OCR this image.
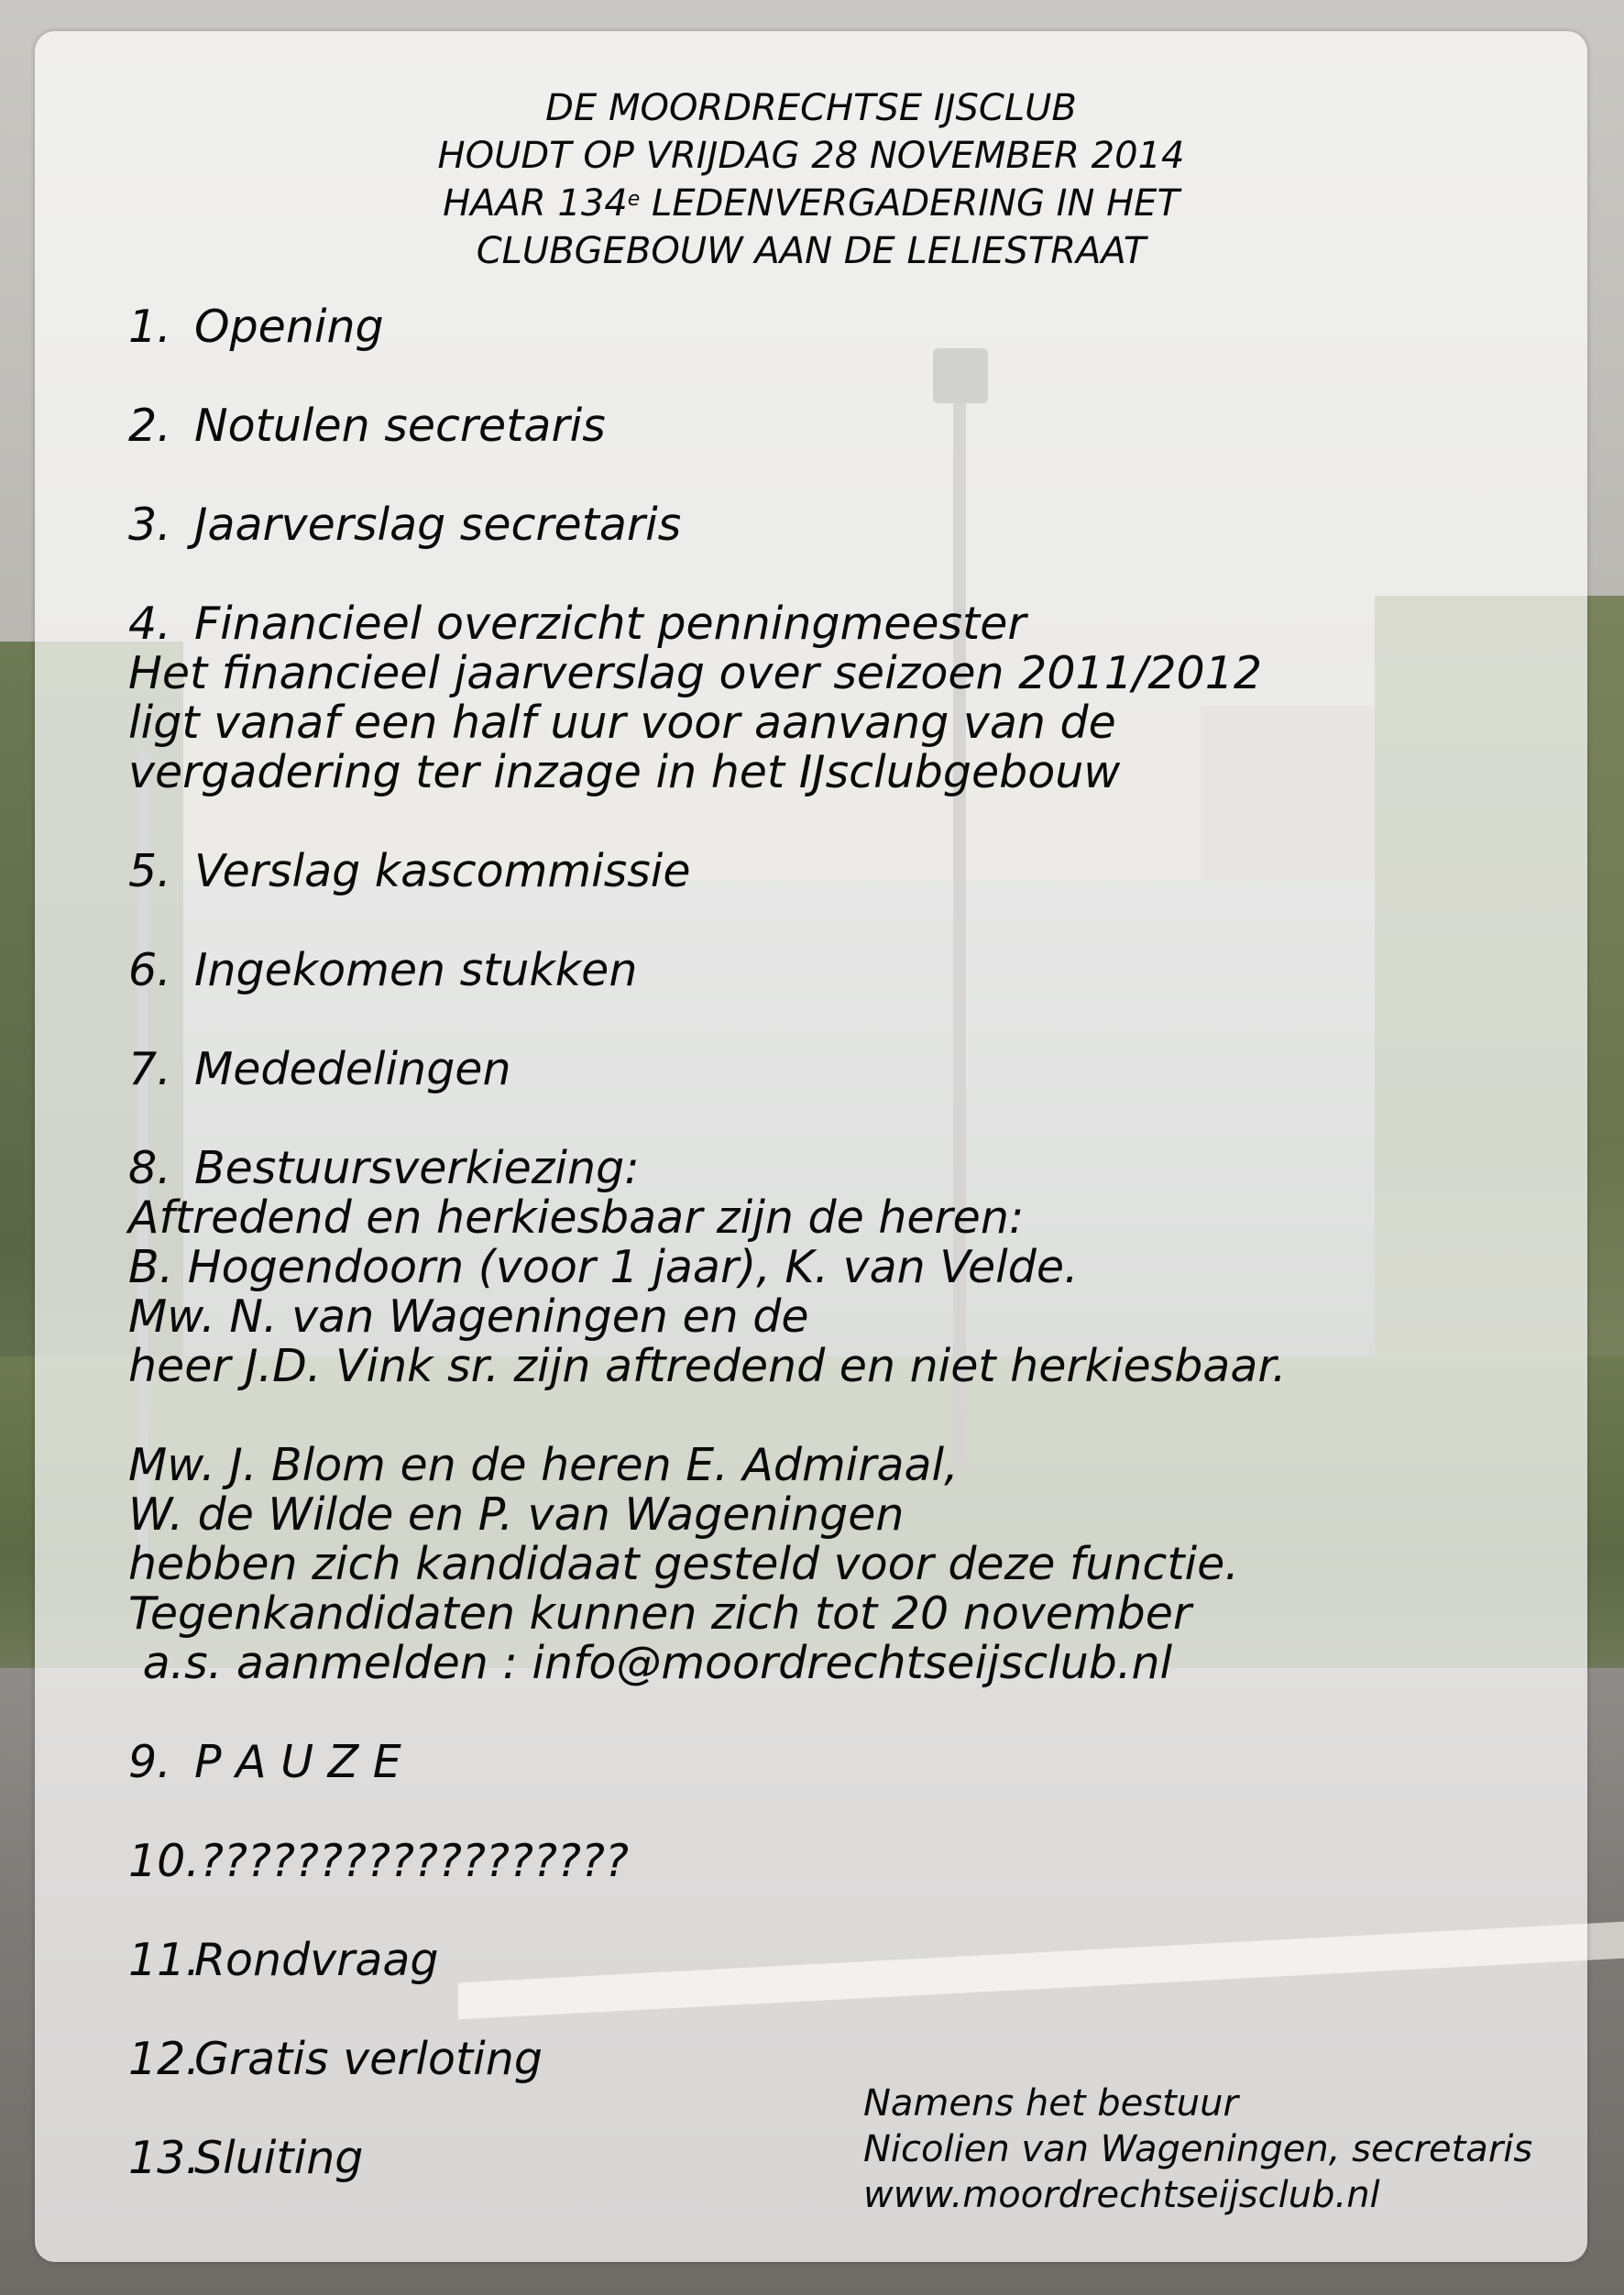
DE MOORDRECHTSE IJSCLUB
HOUDT OP VRIJDAG 28 NOVEMBER 2014
HAAR 134e LEDENVERGADERING IN HET
CLUBGEBOUW AAN DE LELIESTRAAT
1. Opening
2. Notulen secretaris
3. Jaarverslag secretaris
4. Financieel overzicht penningmeester
Het financieel jaarverslag over seizoen 2011/2012
ligt vanaf een half uur voor aanvang van de
vergadering ter inzage in het IJsclubgebouw
5. Verslag kascommissie
6. Ingekomen stukken
7. Mededelingen
8. Bestuursverkiezing:
Aftredend en herkiesbaar zijn de heren:
B. Hogendoorn (voor 1 jaar), K. van Velde.
Mw. N. van Wageningen en de
heer J.D. Vink sr. zijn aftredend en niet herkiesbaar.
Mw. J. Blom en de heren E. Admiraal,
W. de Wilde en P. van Wageningen
hebben zich kandidaat gesteld voor deze functie.
Tegenkandidaten kunnen zich tot 20 november
a.s. aanmelden : info@moordrechtseijsclub.nl
9. P A U Z E
10.??????????????????
11.Rondvraag
12.Gratis verloting
13.Sluiting
Namens het bestuur
Nicolien van Wageningen, secretaris
www.moordrechtseijsclub.nl
